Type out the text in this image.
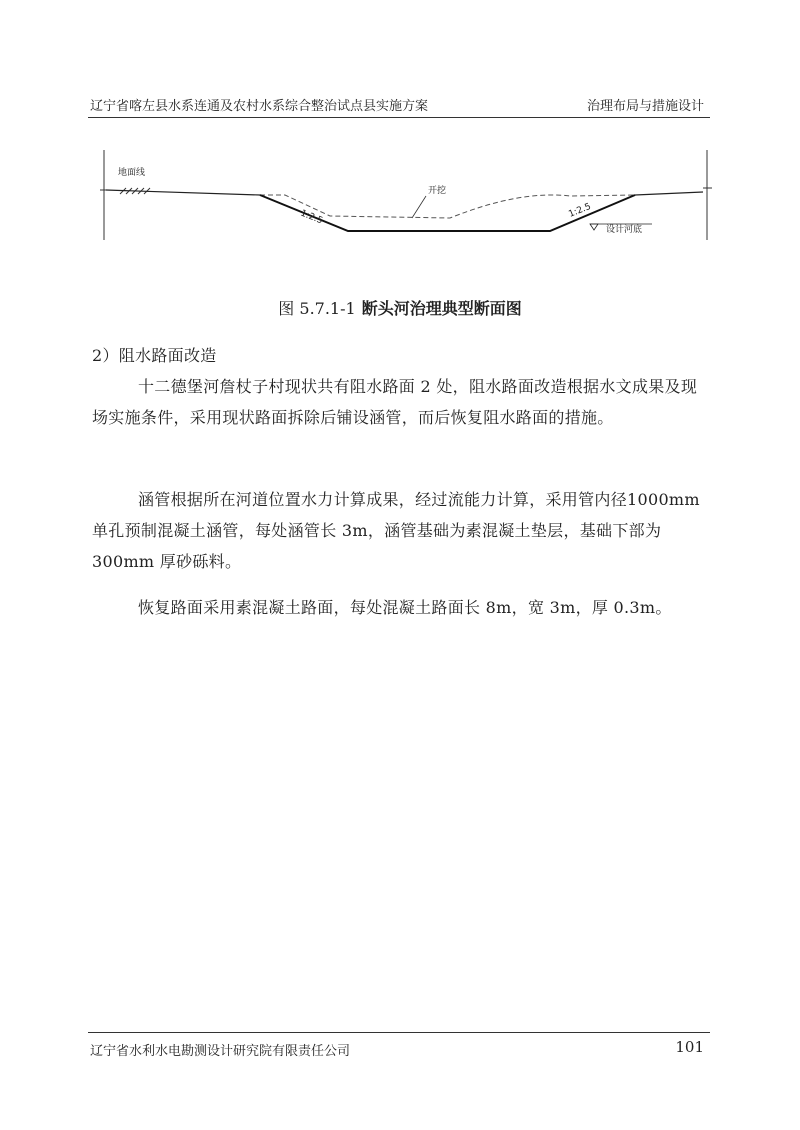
辽宁省喀左县水系连通及农村水系综合整治试点县实施方案	治理布局与措施设计
地面线
开挖
1:2.5	1:2.5
设计河底
图 5.7.1-1 断头河治理典型断面图

2）阻水路面改造

十二德堡河詹杖子村现状共有阻水路面 2 处，阻水路面改造根据水文成果及现场实施条件，采用现状路面拆除后铺设涵管，而后恢复阻水路面的措施。

涵管根据所在河道位置水力计算成果，经过流能力计算，采用管内径1000mm 单孔预制混凝土涵管，每处涵管长 3m，涵管基础为素混凝土垫层，基础下部为 300mm 厚砂砾料。

恢复路面采用素混凝土路面，每处混凝土路面长 8m，宽 3m，厚 0.3m。

辽宁省水利水电勘测设计研究院有限责任公司	101
